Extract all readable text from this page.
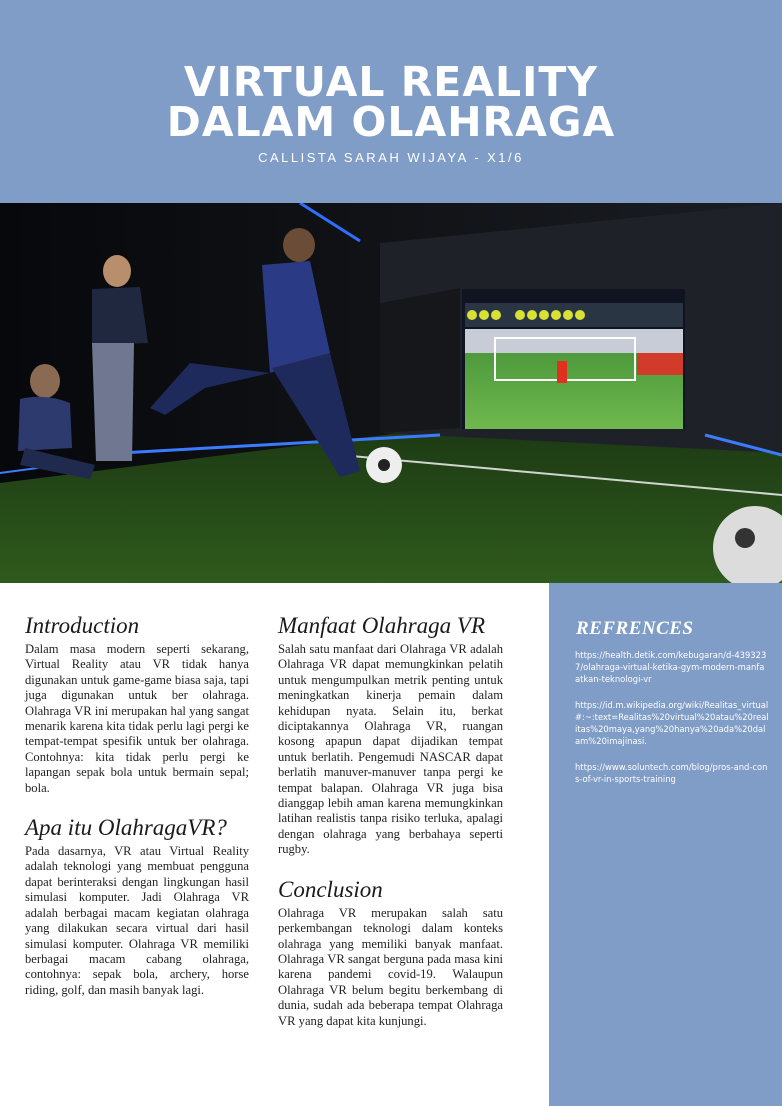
VIRTUAL REALITY
DALAM OLAHRAGA
CALLISTA SARAH WIJAYA - X1/6
Introduction

Dalam masa modern seperti sekarang, Virtual Reality atau VR tidak hanya digunakan untuk game-game biasa saja, tapi juga digunakan untuk ber olahraga. Olahraga VR ini merupakan hal yang sangat menarik karena kita tidak perlu lagi pergi ke tempat-tempat spesifik untuk ber olahraga. Contohnya: kita tidak perlu pergi ke lapangan sepak bola untuk bermain sepal; bola.

Apa itu OlahragaVR?

Pada dasarnya, VR atau Virtual Reality adalah teknologi yang membuat pengguna dapat berinteraksi dengan lingkungan hasil simulasi komputer. Jadi Olahraga VR adalah berbagai macam kegiatan olahraga yang dilakukan secara virtual dari hasil simulasi komputer. Olahraga VR memiliki berbagai macam cabang olahraga, contohnya: sepak bola, archery, horse riding, golf, dan masih banyak lagi.

Manfaat Olahraga VR

Salah satu manfaat dari Olahraga VR adalah Olahraga VR dapat memungkinkan pelatih untuk mengumpulkan metrik penting untuk meningkatkan kinerja pemain dalam kehidupan nyata. Selain itu, berkat diciptakannya Olahraga VR, ruangan kosong apapun dapat dijadikan tempat untuk berlatih. Pengemudi NASCAR dapat berlatih manuver-manuver tanpa pergi ke tempat balapan. Olahraga VR juga bisa dianggap lebih aman karena memungkinkan latihan realistis tanpa risiko terluka, apalagi dengan olahraga yang berbahaya seperti rugby.

Conclusion

Olahraga VR merupakan salah satu perkembangan teknologi dalam konteks olahraga yang memiliki banyak manfaat. Olahraga VR sangat berguna pada masa kini karena pandemi covid-19. Walaupun Olahraga VR belum begitu berkembang di dunia, sudah ada beberapa tempat Olahraga VR yang dapat kita kunjungi.

REFRENCES
https://health.detik.com/kebugaran/d-4393237/olahraga-virtual-ketika-gym-modern-manfaatkan-teknologi-vr
https://id.m.wikipedia.org/wiki/Realitas_virtual#:~:text=Realitas%20virtual%20atau%20realitas%20maya,yang%20hanya%20ada%20dalam%20imajinasi.
https://www.soluntech.com/blog/pros-and-cons-of-vr-in-sports-training
